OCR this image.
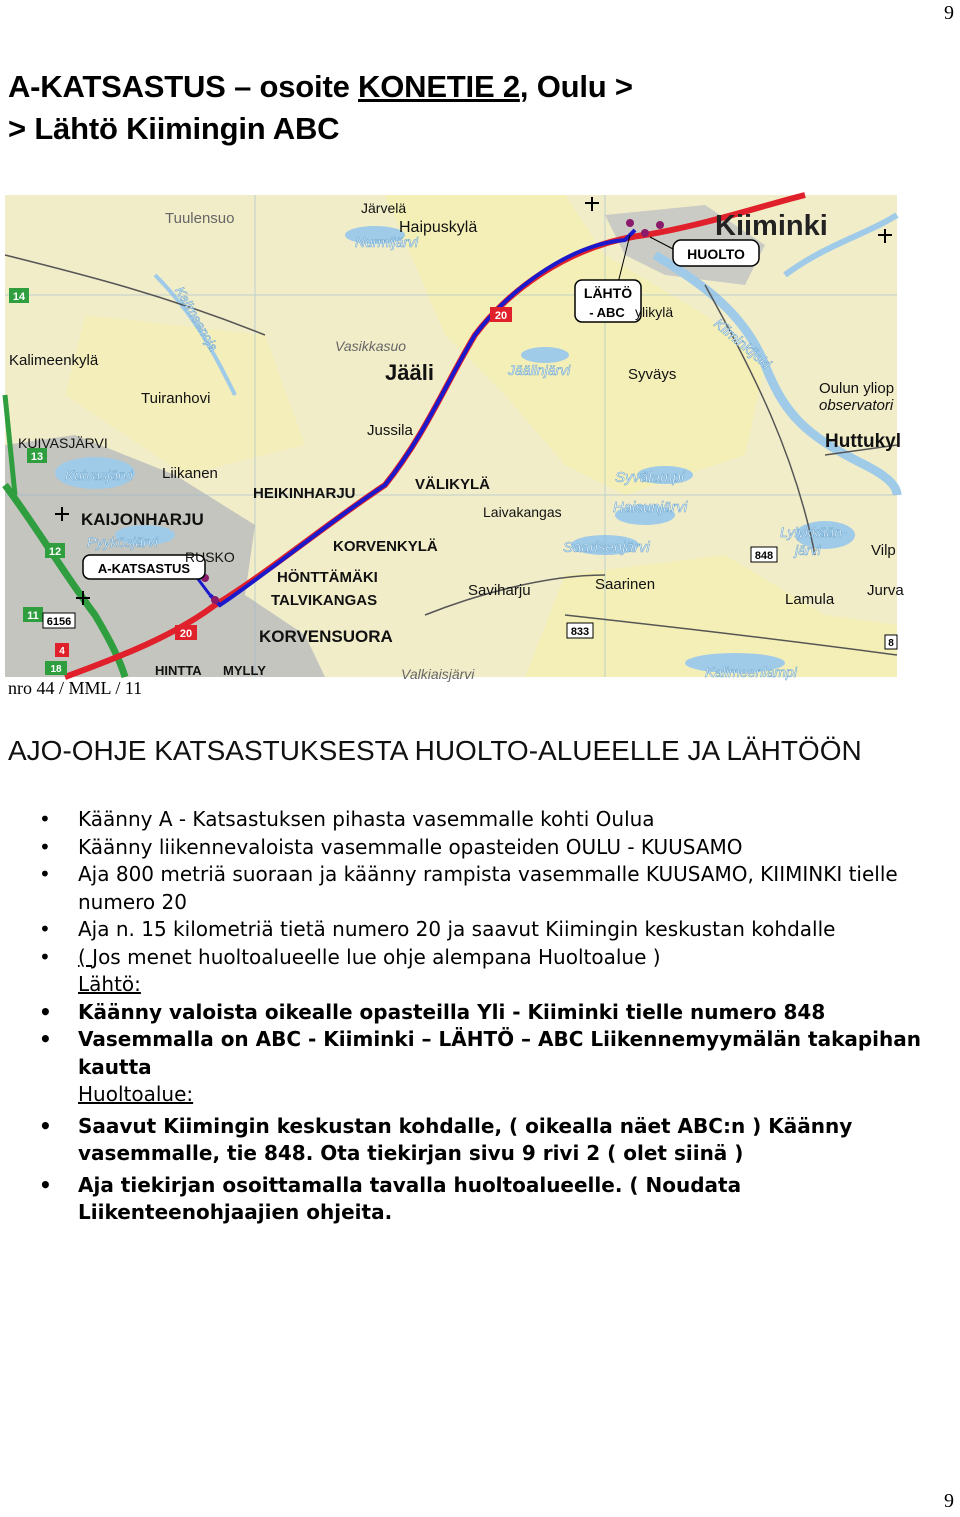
9
A-KATSASTUS – osoite KONETIE 2, Oulu >
> Lähtö Kiimingin ABC
20
20
14
13
12
11 6156
848
833
8
4
18
HUOLTO
LÄHTÖ
- ABC
A-KATSASTUS
Tuulensuo
Järvelä
Haipuskylä
Nurmijärvi	Kiiminki
ylikylä
Kalimeenkylä
Vasikkasuo
Jääli	Jäälinjärvi	Syväys
Tuiranhovi
Kiiminkijoki
Kalimeenoja
Oulun yliop
observatori
Huttukyl
Jussila
KUIVASJÄRVI
Kuivasjärvi Liikanen
HEIKINHARJU
VÄLIKYLÄ	Syvälampi
Laivakangas	Haisunjärvi
KAIJONHARJU
Pyykösjärvi
RUSKO
KORVENKYLÄ	Saarisenjärvi
Lylykkään-
järvi	Vilp
HÖNTTÄMÄKI
TALVIKANGAS
Saviharju	Saarinen	Jurva
Lamula
KORVENSUORA
HINTTA MYLLY	Valkiaisjärvi	Kalimeenlampi
nro 44 / MML / 11
AJO-OHJE KATSASTUKSESTA HUOLTO-ALUEELLE JA LÄHTÖÖN
• Käänny A - Katsastuksen pihasta vasemmalle kohti Oulua
• Käänny liikennevaloista vasemmalle opasteiden OULU - KUUSAMO
• Aja 800 metriä suoraan ja käänny rampista vasemmalle KUUSAMO, KIIMINKI tielle numero 20
• Aja n. 15 kilometriä tietä numero 20 ja saavut Kiimingin keskustan kohdalle
• ( Jos menet huoltoalueelle lue ohje alempana Huoltoalue )
Lähtö:
• Käänny valoista oikealle opasteilla Yli - Kiiminki tielle numero 848
• Vasemmalla on ABC - Kiiminki – LÄHTÖ – ABC Liikennemyymälän takapihan kautta
Huoltoalue:
• Saavut Kiimingin keskustan kohdalle, ( oikealla näet ABC:n ) Käänny vasemmalle, tie 848. Ota tiekirjan sivu 9 rivi 2 ( olet siinä )
• Aja tiekirjan osoittamalla tavalla huoltoalueelle. ( Noudata Liikenteenohjaajien ohjeita.
9
